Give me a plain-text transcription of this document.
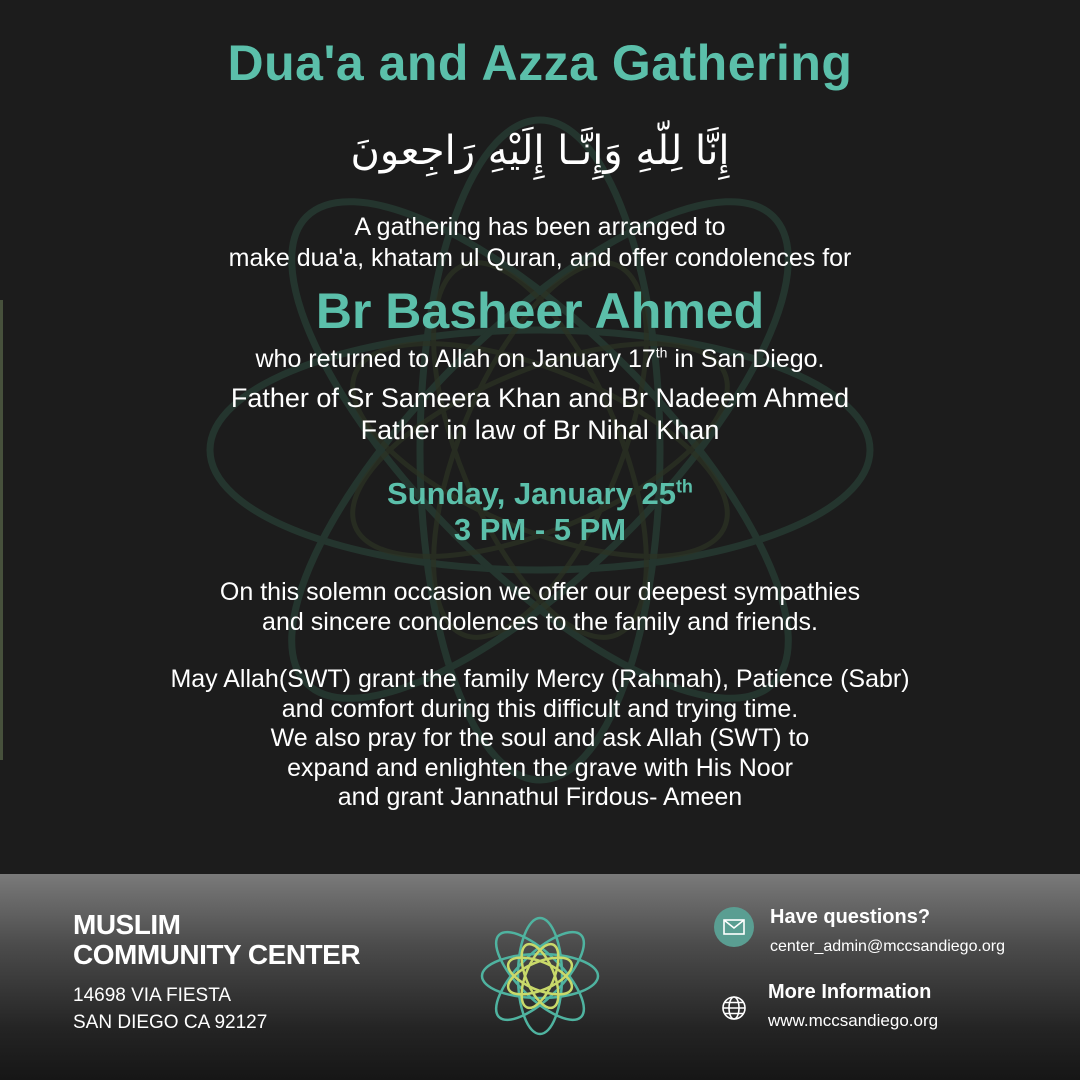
Dua'a and Azza Gathering
إِنَّا لِلّهِ وَإِنَّـا إِلَيْهِ رَاجِعونَ
A gathering has been arranged to
make dua'a, khatam ul Quran, and offer condolences for
Br Basheer Ahmed
who returned to Allah on January 17th in San Diego.
Father of Sr Sameera Khan and Br Nadeem Ahmed
Father in law of Br Nihal Khan
Sunday, January 25th
3 PM - 5 PM
On this solemn occasion we offer our deepest sympathies
and sincere condolences to the family and friends.
May Allah(SWT) grant the family Mercy (Rahmah), Patience (Sabr)
and comfort during this difficult and trying time.
We also pray for the soul and ask Allah (SWT) to
expand and enlighten the grave with His Noor
and grant Jannathul Firdous- Ameen
MUSLIM
COMMUNITY CENTER
14698 VIA FIESTA
SAN DIEGO CA 92127
Have questions?
center_admin@mccsandiego.org
More Information
www.mccsandiego.org
